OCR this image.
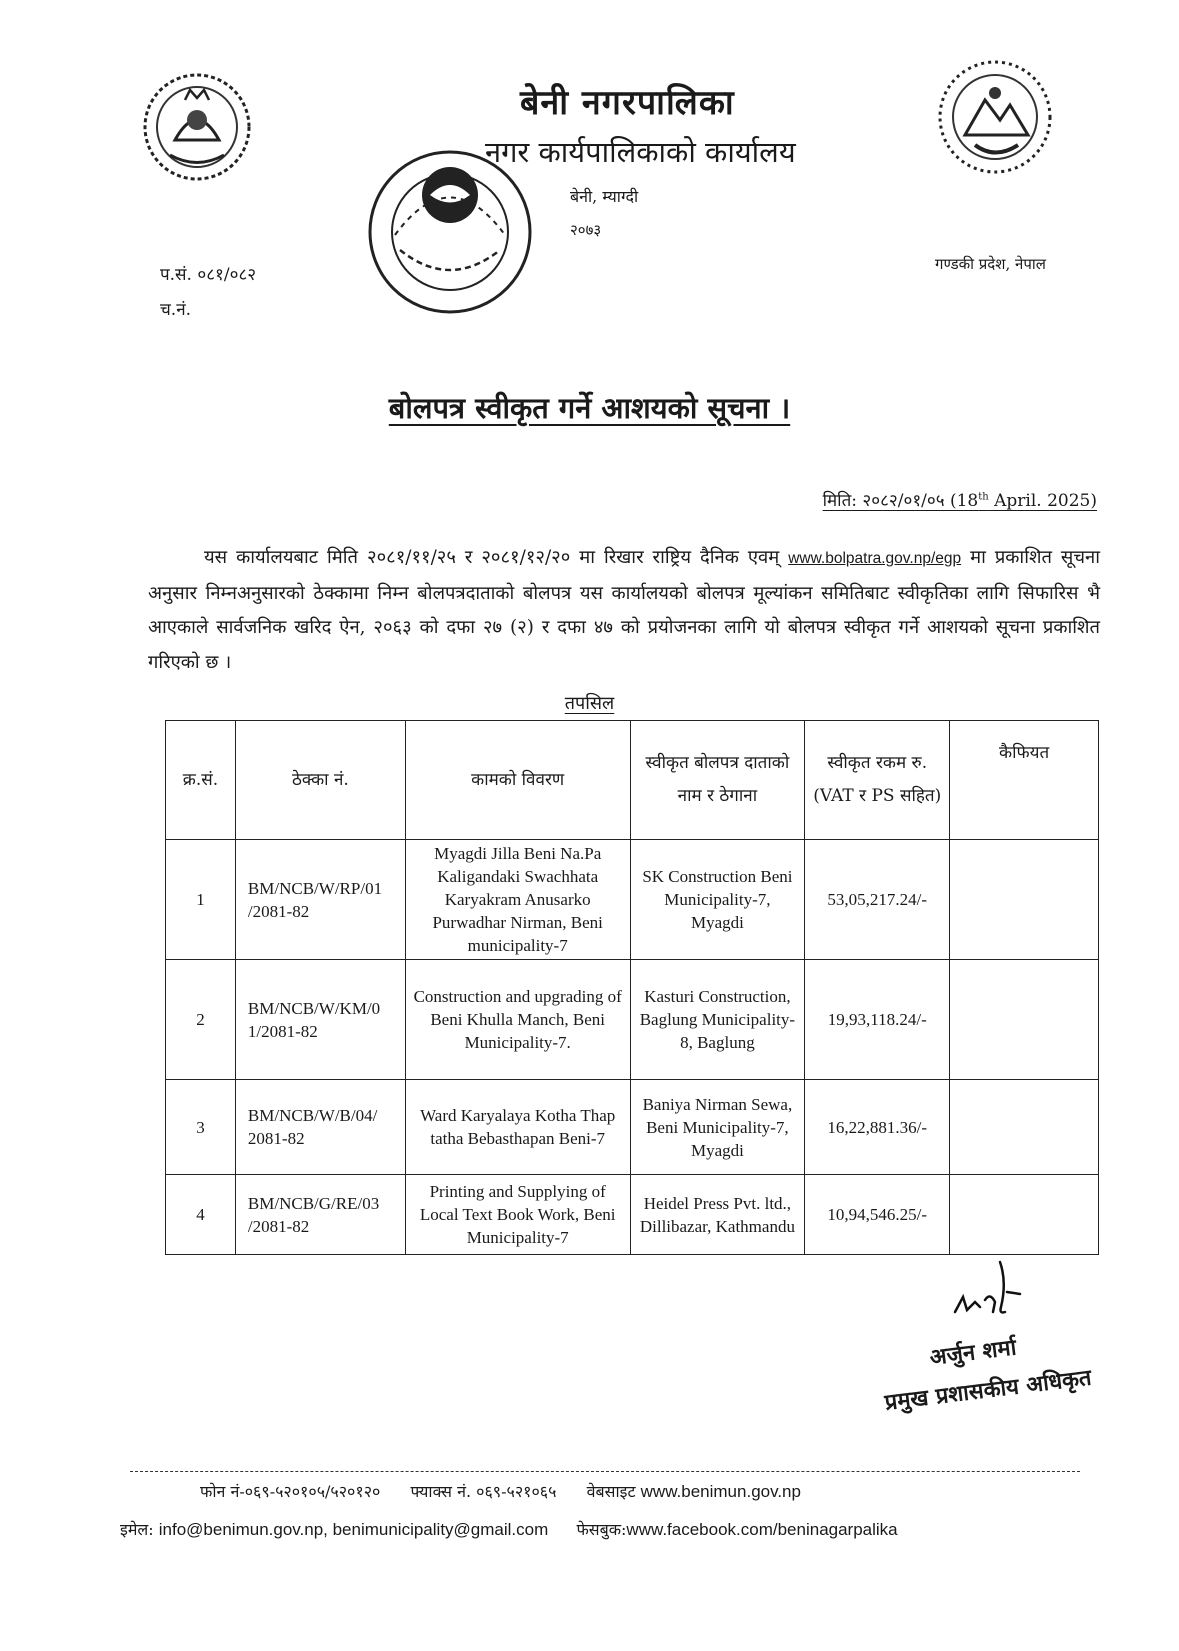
बेनी नगरपालिका
नगर कार्यपालिकाको कार्यालय
बेनी, म्याग्दी
२०७३
प.सं. ०८१/०८२
च.नं.
गण्डकी प्रदेश, नेपाल
बोलपत्र स्वीकृत गर्ने आशयको सूचना ।
मिति: २०८२/०१/०५ (18th April. 2025)
यस कार्यालयबाट मिति २०८१/११/२५ र २०८१/१२/२० मा रिखार राष्ट्रिय दैनिक एवम् www.bolpatra.gov.np/egp मा प्रकाशित सूचना अनुसार निम्नअनुसारको ठेक्कामा निम्न बोलपत्रदाताको बोलपत्र यस कार्यालयको बोलपत्र मूल्यांकन समितिबाट स्वीकृतिका लागि सिफारिस भै आएकाले सार्वजनिक खरिद ऐन, २०६३ को दफा २७ (२) र दफा ४७ को प्रयोजनका लागि यो बोलपत्र स्वीकृत गर्ने आशयको सूचना प्रकाशित गरिएको छ ।
तपसिल
क्र.सं.	ठेक्का नं.	कामको विवरण	स्वीकृत बोलपत्र दाताको नाम र ठेगाना	स्वीकृत रकम रु. (VAT र PS सहित)	कैफियत
1	BM/NCB/W/RP/01 /2081-82	Myagdi Jilla Beni Na.Pa Kaligandaki Swachhata Karyakram Anusarko Purwadhar Nirman, Beni municipality-7	SK Construction Beni Municipality-7, Myagdi	53,05,217.24/-	
2	BM/NCB/W/KM/0 1/2081-82	Construction and upgrading of Beni Khulla Manch, Beni Municipality-7.	Kasturi Construction, Baglung Municipality-8, Baglung	19,93,118.24/-	
3	BM/NCB/W/B/04/ 2081-82	Ward Karyalaya Kotha Thap tatha Bebasthapan Beni-7	Baniya Nirman Sewa, Beni Municipality-7, Myagdi	16,22,881.36/-	
4	BM/NCB/G/RE/03 /2081-82	Printing and Supplying of Local Text Book Work, Beni Municipality-7	Heidel Press Pvt. ltd., Dillibazar, Kathmandu	10,94,546.25/-	
अर्जुन शर्मा
प्रमुख प्रशासकीय अधिकृत
फोन नं-०६९-५२०१०५/५२०१२० फ्याक्स नं. ०६९-५२१०६५ वेबसाइट www.benimun.gov.np
इमेल: info@benimun.gov.np, benimunicipality@gmail.com फेसबुक:www.facebook.com/beninagarpalika
